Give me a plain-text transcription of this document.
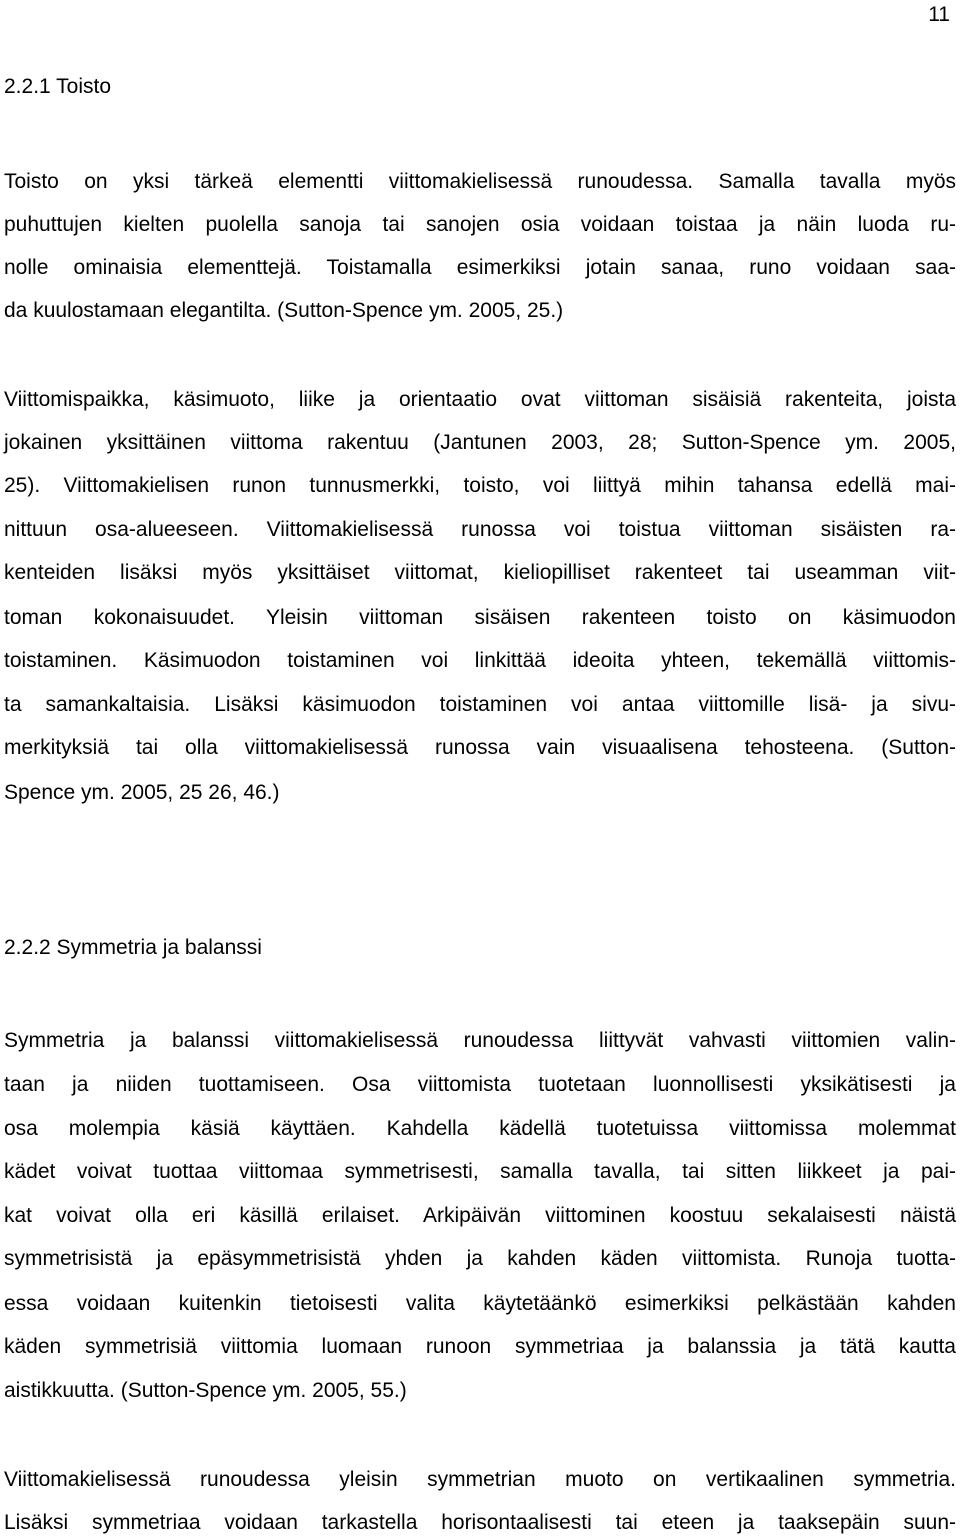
11
2.2.1 Toisto
Toisto on yksi tärkeä elementti viittomakielisessä runoudessa. Samalla tavalla myös
puhuttujen kielten puolella sanoja tai sanojen osia voidaan toistaa ja näin luoda ru-
nolle ominaisia elementtejä. Toistamalla esimerkiksi jotain sanaa, runo voidaan saa-
da kuulostamaan elegantilta. (Sutton-Spence ym. 2005, 25.)
Viittomispaikka, käsimuoto, liike ja orientaatio ovat viittoman sisäisiä rakenteita, joista
jokainen yksittäinen viittoma rakentuu (Jantunen 2003, 28; Sutton-Spence ym. 2005,
25). Viittomakielisen runon tunnusmerkki, toisto, voi liittyä mihin tahansa edellä mai-
nittuun osa-alueeseen. Viittomakielisessä runossa voi toistua viittoman sisäisten ra-
kenteiden lisäksi myös yksittäiset viittomat, kieliopilliset rakenteet tai useamman viit-
toman kokonaisuudet. Yleisin viittoman sisäisen rakenteen toisto on käsimuodon
toistaminen. Käsimuodon toistaminen voi linkittää ideoita yhteen, tekemällä viittomis-
ta samankaltaisia. Lisäksi käsimuodon toistaminen voi antaa viittomille lisä- ja sivu-
merkityksiä tai olla viittomakielisessä runossa vain visuaalisena tehosteena. (Sutton-
Spence ym. 2005, 25 26, 46.)
2.2.2 Symmetria ja balanssi
Symmetria ja balanssi viittomakielisessä runoudessa liittyvät vahvasti viittomien valin-
taan ja niiden tuottamiseen. Osa viittomista tuotetaan luonnollisesti yksikätisesti ja
osa molempia käsiä käyttäen. Kahdella kädellä tuotetuissa viittomissa molemmat
kädet voivat tuottaa viittomaa symmetrisesti, samalla tavalla, tai sitten liikkeet ja pai-
kat voivat olla eri käsillä erilaiset. Arkipäivän viittominen koostuu sekalaisesti näistä
symmetrisistä ja epäsymmetrisistä yhden ja kahden käden viittomista. Runoja tuotta-
essa voidaan kuitenkin tietoisesti valita käytetäänkö esimerkiksi pelkästään kahden
käden symmetrisiä viittomia luomaan runoon symmetriaa ja balanssia ja tätä kautta
aistikkuutta. (Sutton-Spence ym. 2005, 55.)
Viittomakielisessä runoudessa yleisin symmetrian muoto on vertikaalinen symmetria.
Lisäksi symmetriaa voidaan tarkastella horisontaalisesti tai eteen ja taaksepäin suun-
